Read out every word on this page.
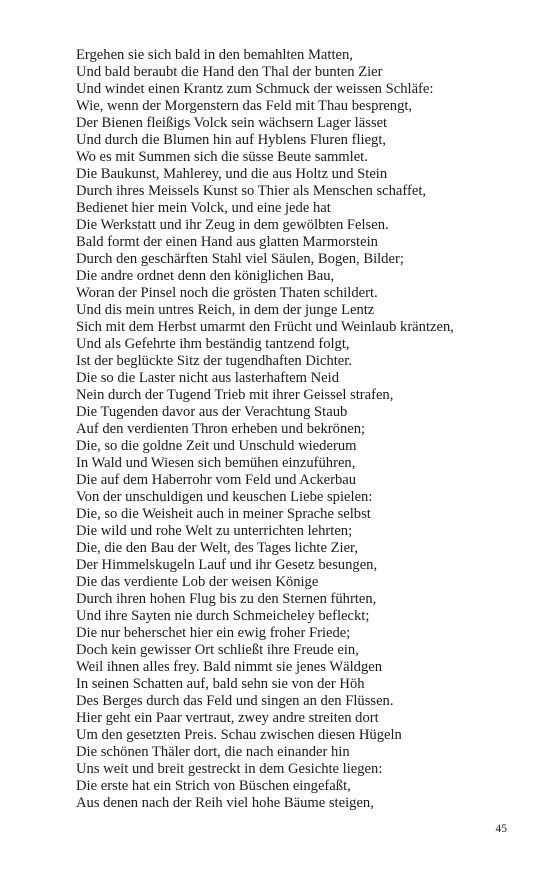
Ergehen sie sich bald in den bemahlten Matten,
Und bald beraubt die Hand den Thal der bunten Zier
Und windet einen Krantz zum Schmuck der weissen Schläfe:
Wie, wenn der Morgenstern das Feld mit Thau besprengt,
Der Bienen fleißigs Volck sein wächsern Lager lässet
Und durch die Blumen hin auf Hyblens Fluren fliegt,
Wo es mit Summen sich die süsse Beute sammlet.
Die Baukunst, Mahlerey, und die aus Holtz und Stein
Durch ihres Meissels Kunst so Thier als Menschen schaffet,
Bedienet hier mein Volck, und eine jede hat
Die Werkstatt und ihr Zeug in dem gewölbten Felsen.
Bald formt der einen Hand aus glatten Marmorstein
Durch den geschärften Stahl viel Säulen, Bogen, Bilder;
Die andre ordnet denn den königlichen Bau,
Woran der Pinsel noch die grösten Thaten schildert.
Und dis mein untres Reich, in dem der junge Lentz
Sich mit dem Herbst umarmt den Frücht und Weinlaub kräntzen,
Und als Gefehrte ihm beständig tantzend folgt,
Ist der beglückte Sitz der tugendhaften Dichter.
Die so die Laster nicht aus lasterhaftem Neid
Nein durch der Tugend Trieb mit ihrer Geissel strafen,
Die Tugenden davor aus der Verachtung Staub
Auf den verdienten Thron erheben und bekrönen;
Die, so die goldne Zeit und Unschuld wiederum
In Wald und Wiesen sich bemühen einzuführen,
Die auf dem Haberrohr vom Feld und Ackerbau
Von der unschuldigen und keuschen Liebe spielen:
Die, so die Weisheit auch in meiner Sprache selbst
Die wild und rohe Welt zu unterrichten lehrten;
Die, die den Bau der Welt, des Tages lichte Zier,
Der Himmelskugeln Lauf und ihr Gesetz besungen,
Die das verdiente Lob der weisen Könige
Durch ihren hohen Flug bis zu den Sternen führten,
Und ihre Sayten nie durch Schmeicheley befleckt;
Die nur beherschet hier ein ewig froher Friede;
Doch kein gewisser Ort schließt ihre Freude ein,
Weil ihnen alles frey. Bald nimmt sie jenes Wäldgen
In seinen Schatten auf, bald sehn sie von der Höh
Des Berges durch das Feld und singen an den Flüssen.
Hier geht ein Paar vertraut, zwey andre streiten dort
Um den gesetzten Preis. Schau zwischen diesen Hügeln
Die schönen Thäler dort, die nach einander hin
Uns weit und breit gestreckt in dem Gesichte liegen:
Die erste hat ein Strich von Büschen eingefaßt,
Aus denen nach der Reih viel hohe Bäume steigen,
45
